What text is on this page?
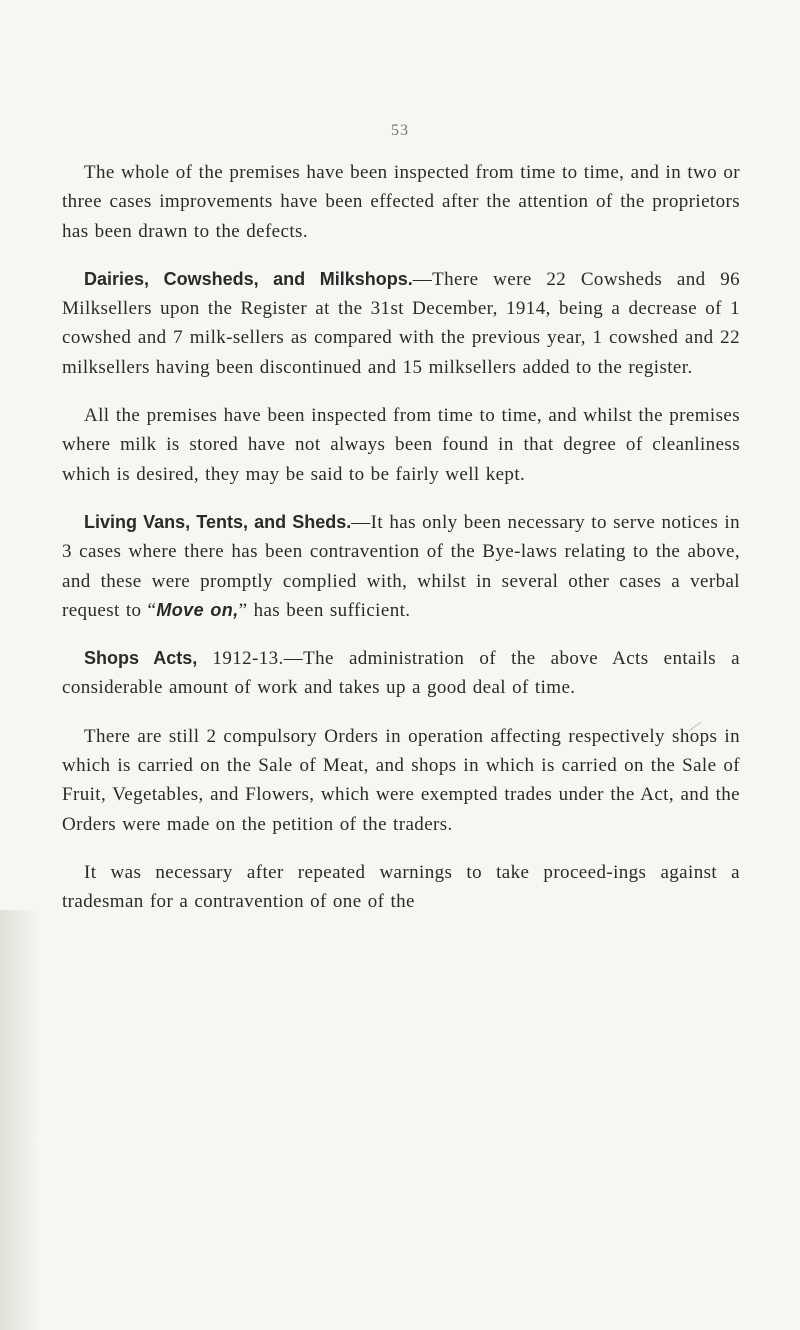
53

The whole of the premises have been inspected from time to time, and in two or three cases improvements have been effected after the attention of the proprietors has been drawn to the defects.

Dairies, Cowsheds, and Milkshops.—There were 22 Cowsheds and 96 Milksellers upon the Register at the 31st December, 1914, being a decrease of 1 cowshed and 7 milk-sellers as compared with the previous year, 1 cowshed and 22 milksellers having been discontinued and 15 milksellers added to the register.

All the premises have been inspected from time to time, and whilst the premises where milk is stored have not always been found in that degree of cleanliness which is desired, they may be said to be fairly well kept.

Living Vans, Tents, and Sheds.—It has only been necessary to serve notices in 3 cases where there has been contravention of the Bye-laws relating to the above, and these were promptly complied with, whilst in several other cases a verbal request to “Move on,” has been sufficient.

Shops Acts, 1912-13.—The administration of the above Acts entails a considerable amount of work and takes up a good deal of time.

There are still 2 compulsory Orders in operation affecting respectively shops in which is carried on the Sale of Meat, and shops in which is carried on the Sale of Fruit, Vegetables, and Flowers, which were exempted trades under the Act, and the Orders were made on the petition of the traders.

It was necessary after repeated warnings to take proceed-ings against a tradesman for a contravention of one of the
